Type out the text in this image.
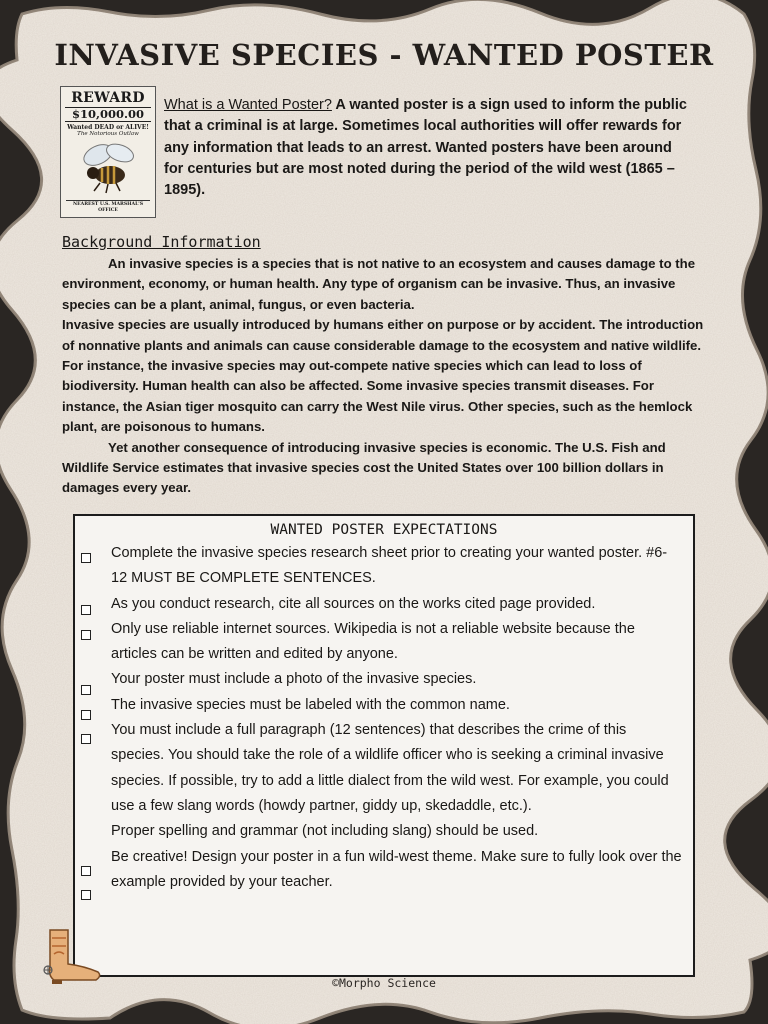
INVASIVE SPECIES - WANTED POSTER
REWARD
$10,000.00
Wanted DEAD or ALIVE!
The Notorious Outlaw
NEAREST U.S. MARSHAL'S OFFICE

What is a Wanted Poster? A wanted poster is a sign used to inform the public that a criminal is at large. Sometimes local authorities will offer rewards for any information that leads to an arrest. Wanted posters have been around for centuries but are most noted during the period of the wild west (1865 – 1895).

Background Information

An invasive species is a species that is not native to an ecosystem and causes damage to the environment, economy, or human health. Any type of organism can be invasive. Thus, an invasive species can be a plant, animal, fungus, or even bacteria.

Invasive species are usually introduced by humans either on purpose or by accident. The introduction of nonnative plants and animals can cause considerable damage to the ecosystem and native wildlife. For instance, the invasive species may out-compete native species which can lead to loss of biodiversity. Human health can also be affected. Some invasive species transmit diseases. For instance, the Asian tiger mosquito can carry the West Nile virus. Other species, such as the hemlock plant, are poisonous to humans.

Yet another consequence of introducing invasive species is economic. The U.S. Fish and Wildlife Service estimates that invasive species cost the United States over 100 billion dollars in damages every year.

WANTED POSTER EXPECTATIONS
Complete the invasive species research sheet prior to creating your wanted poster. #6-12 MUST BE COMPLETE SENTENCES.
As you conduct research, cite all sources on the works cited page provided.
Only use reliable internet sources. Wikipedia is not a reliable website because the articles can be written and edited by anyone.
Your poster must include a photo of the invasive species.
The invasive species must be labeled with the common name.
You must include a full paragraph (12 sentences) that describes the crime of this species. You should take the role of a wildlife officer who is seeking a criminal invasive species. If possible, try to add a little dialect from the wild west. For example, you could use a few slang words (howdy partner, giddy up, skedaddle, etc.).
Proper spelling and grammar (not including slang) should be used.
Be creative! Design your poster in a fun wild-west theme. Make sure to fully look over the example provided by your teacher.
©Morpho Science
